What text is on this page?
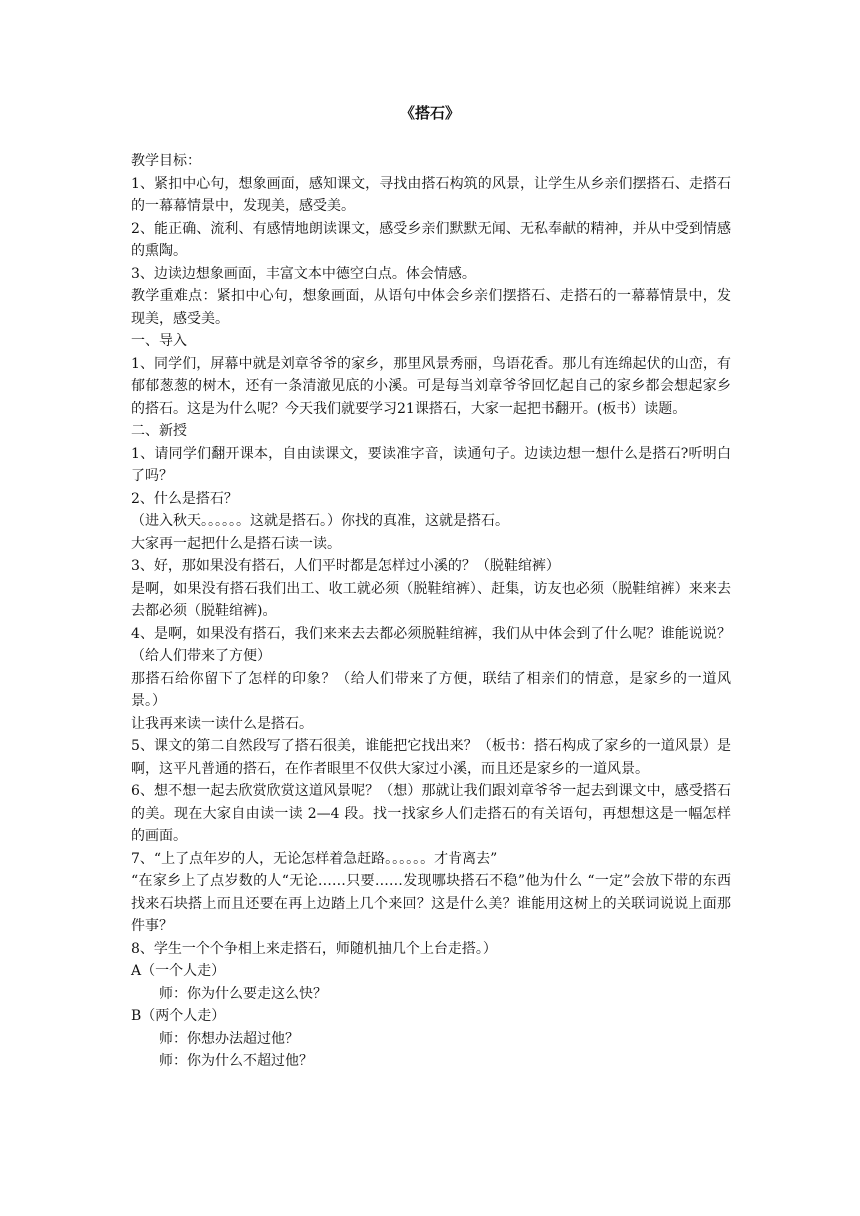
《搭石》

教学目标：

1、紧扣中心句，想象画面，感知课文，寻找由搭石构筑的风景，让学生从乡亲们摆搭石、走搭石的一幕幕情景中，发现美，感受美。

2、能正确、流利、有感情地朗读课文，感受乡亲们默默无闻、无私奉献的精神，并从中受到情感的熏陶。

3、边读边想象画面，丰富文本中德空白点。体会情感。

教学重难点：紧扣中心句，想象画面，从语句中体会乡亲们摆搭石、走搭石的一幕幕情景中，发现美，感受美。

一、导入

1、同学们，屏幕中就是刘章爷爷的家乡，那里风景秀丽，鸟语花香。那儿有连绵起伏的山峦，有郁郁葱葱的树木，还有一条清澈见底的小溪。可是每当刘章爷爷回忆起自己的家乡都会想起家乡的搭石。这是为什么呢？今天我们就要学习21课搭石，大家一起把书翻开。(板书）读题。

二、新授

1、请同学们翻开课本，自由读课文，要读准字音，读通句子。边读边想一想什么是搭石?听明白了吗？

2、什么是搭石？

（进入秋天。。。。。。这就是搭石。）你找的真准，这就是搭石。

大家再一起把什么是搭石读一读。

3、好，那如果没有搭石，人们平时都是怎样过小溪的？（脱鞋绾裤）

是啊，如果没有搭石我们出工、收工就必须（脱鞋绾裤）、赶集，访友也必须（脱鞋绾裤）来来去去都必须（脱鞋绾裤)。

4、是啊，如果没有搭石，我们来来去去都必须脱鞋绾裤，我们从中体会到了什么呢？谁能说说？（给人们带来了方便）

那搭石给你留下了怎样的印象？（给人们带来了方便，联结了相亲们的情意，是家乡的一道风景。）

让我再来读一读什么是搭石。

5、课文的第二自然段写了搭石很美，谁能把它找出来？（板书：搭石构成了家乡的一道风景）是啊，这平凡普通的搭石，在作者眼里不仅供大家过小溪，而且还是家乡的一道风景。

6、想不想一起去欣赏欣赏这道风景呢？（想）那就让我们跟刘章爷爷一起去到课文中，感受搭石的美。现在大家自由读一读 2—4 段。找一找家乡人们走搭石的有关语句，再想想这是一幅怎样的画面。

7、“上了点年岁的人，无论怎样着急赶路。。。。。。才肯离去”

“在家乡上了点岁数的人“无论……只要……发现哪块搭石不稳”他为什么 “一定”会放下带的东西找来石块搭上而且还要在再上边踏上几个来回？这是什么美？谁能用这树上的关联词说说上面那件事？

8、学生一个个争相上来走搭石，师随机抽几个上台走搭。）

A（一个人走）

师：你为什么要走这么快？

B（两个人走）

师：你想办法超过他？

师：你为什么不超过他？
